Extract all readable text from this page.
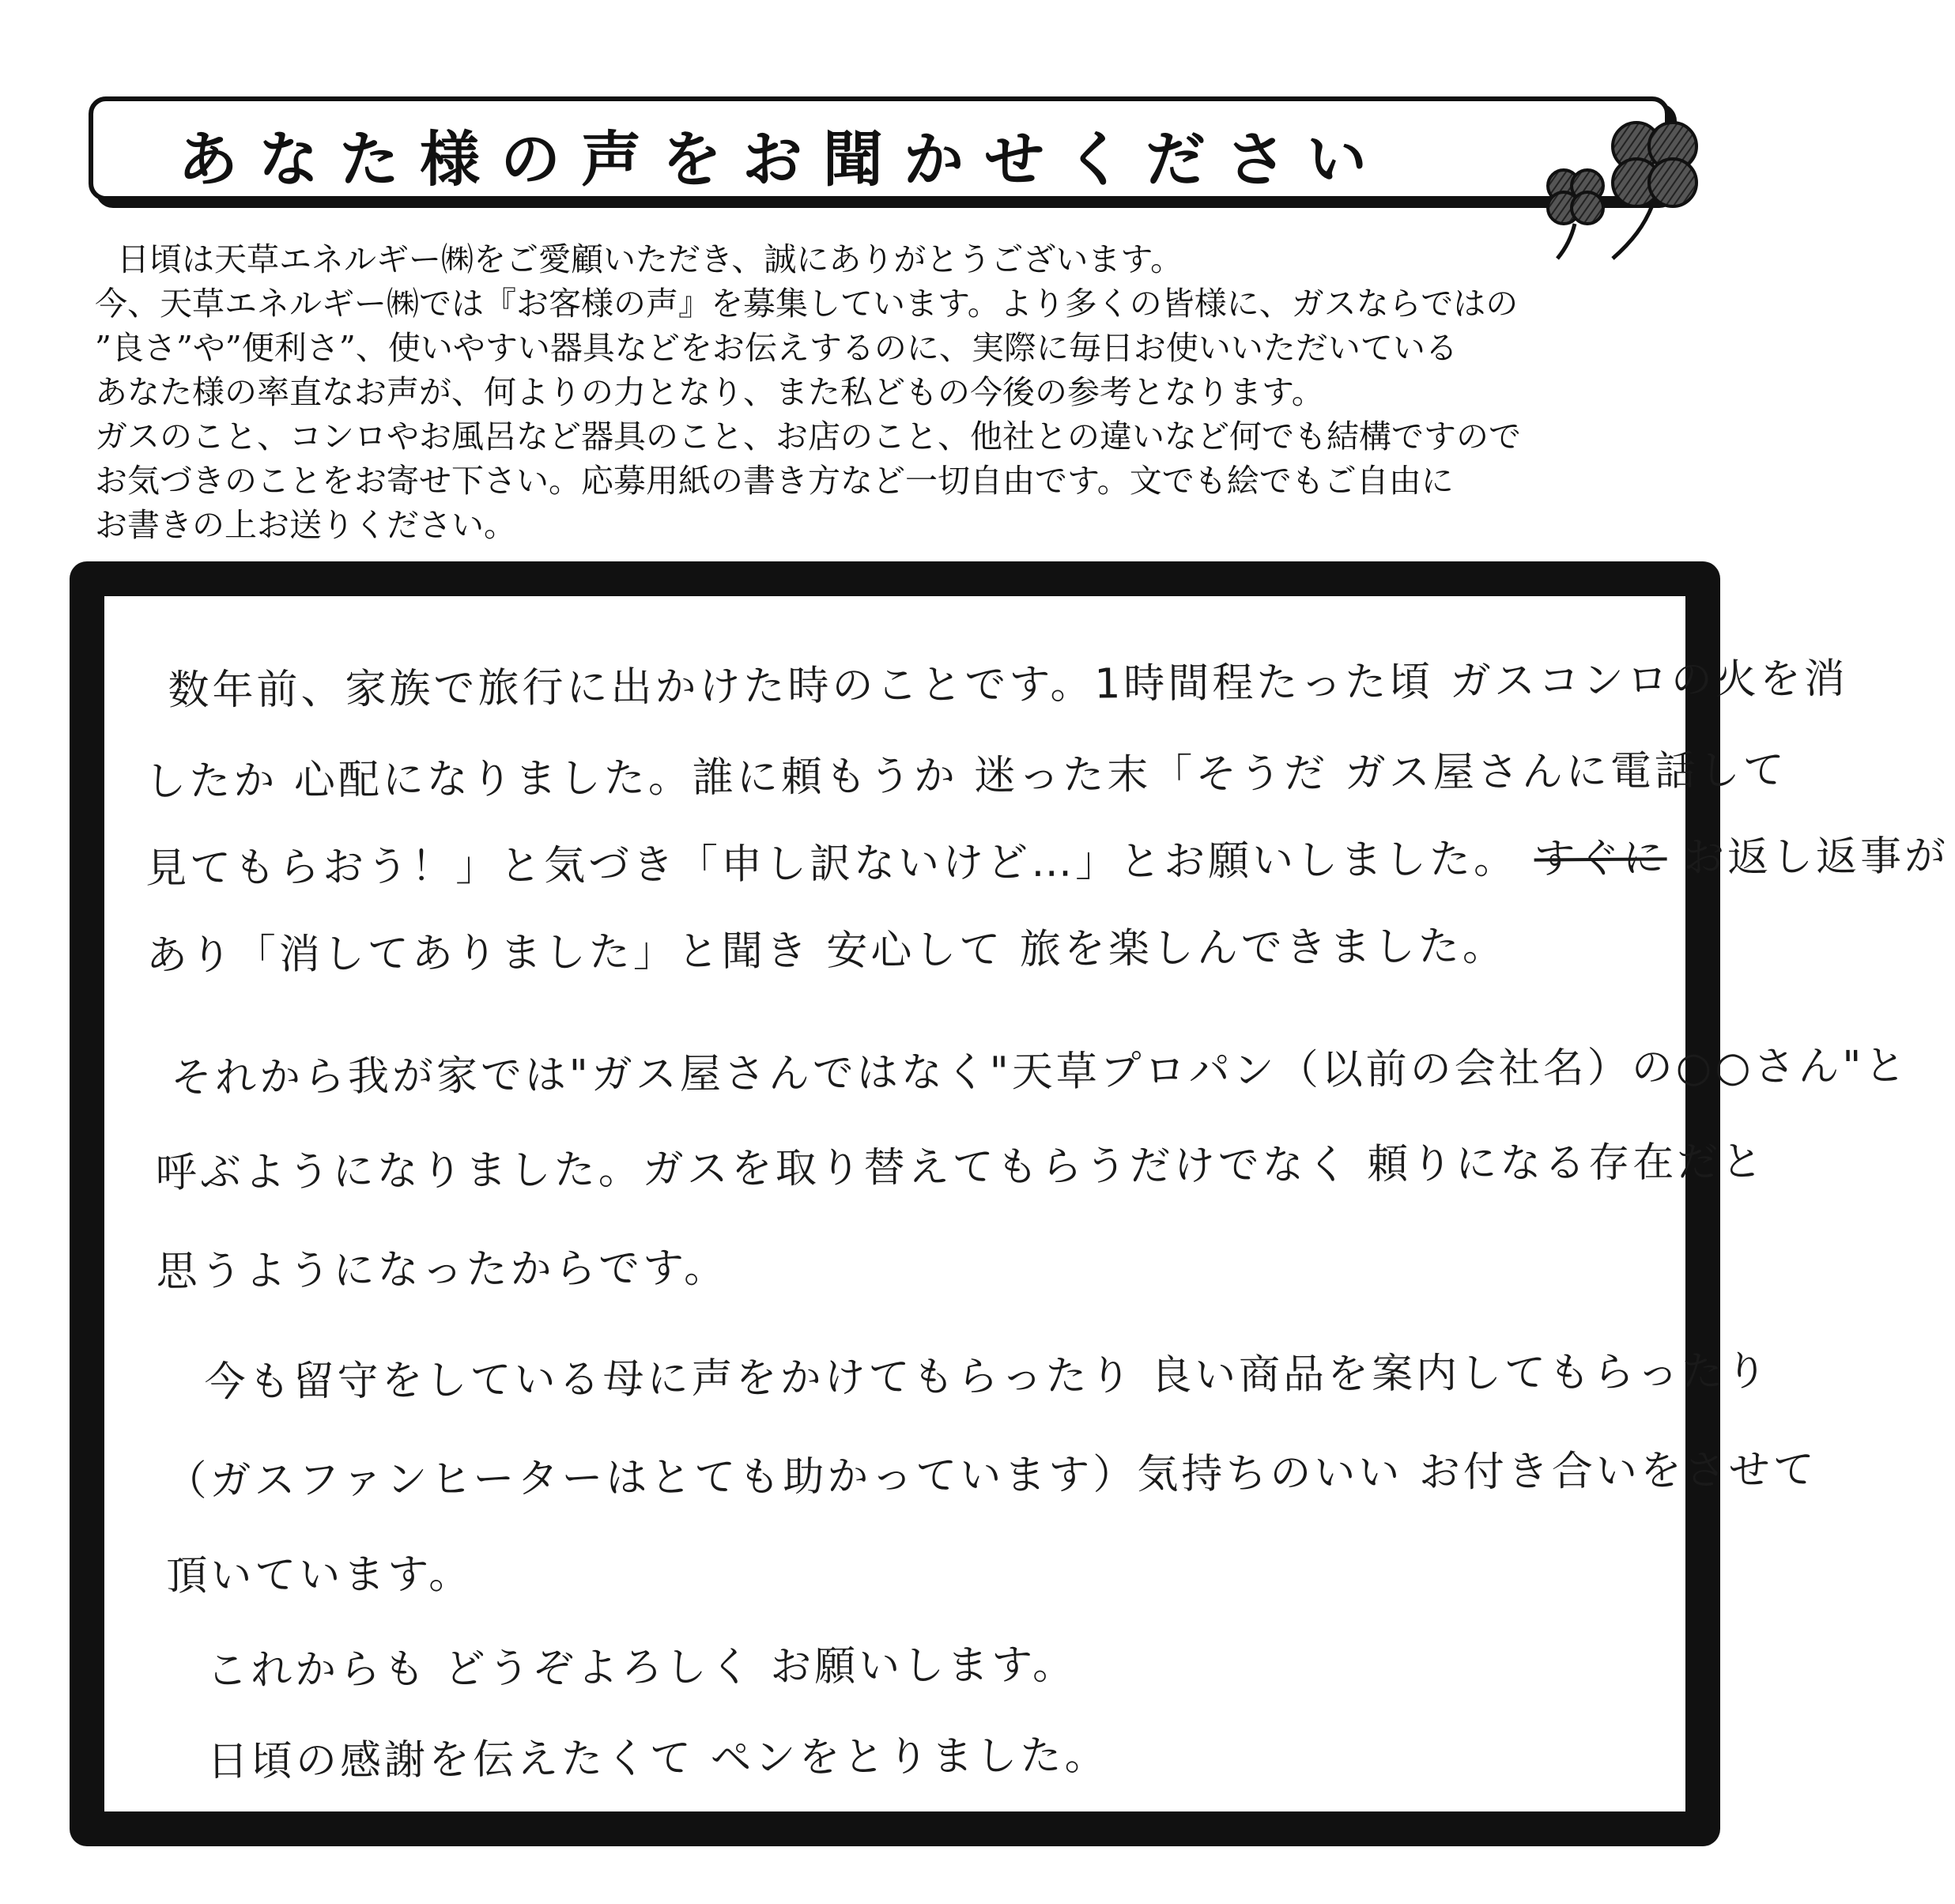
あなた様の声をお聞かせください

日頃は天草エネルギー㈱をご愛顧いただき、誠にありがとうございます。

今、天草エネルギー㈱では『お客様の声』を募集しています。より多くの皆様に、ガスならではの

”良さ”や”便利さ”、使いやすい器具などをお伝えするのに、実際に毎日お使いいただいている

あなた様の率直なお声が、何よりの力となり、また私どもの今後の参考となります。

ガスのこと、コンロやお風呂など器具のこと、お店のこと、他社との違いなど何でも結構ですので

お気づきのことをお寄せ下さい。応募用紙の書き方など一切自由です。文でも絵でもご自由に

お書きの上お送りください。

数年前、家族で旅行に出かけた時のことです。1時間程たった頃 ガスコンロの火を消
したか 心配になりました。誰に頼もうか 迷った末「そうだ ガス屋さんに電話して
見てもらおう！」と気づき「申し訳ないけど…」とお願いしました。 すぐに お返し返事が
あり「消してありました」と聞き 安心して 旅を楽しんできました。
それから我が家では"ガス屋さんではなく"天草プロパン（以前の会社名）の○○さん"と
呼ぶようになりました。ガスを取り替えてもらうだけでなく 頼りになる存在だと
思うようになったからです。
今も留守をしている母に声をかけてもらったり 良い商品を案内してもらったり
（ガスファンヒーターはとても助かっています）気持ちのいい お付き合いをさせて
頂いています。
これからも どうぞよろしく お願いします。
日頃の感謝を伝えたくて ペンをとりました。
